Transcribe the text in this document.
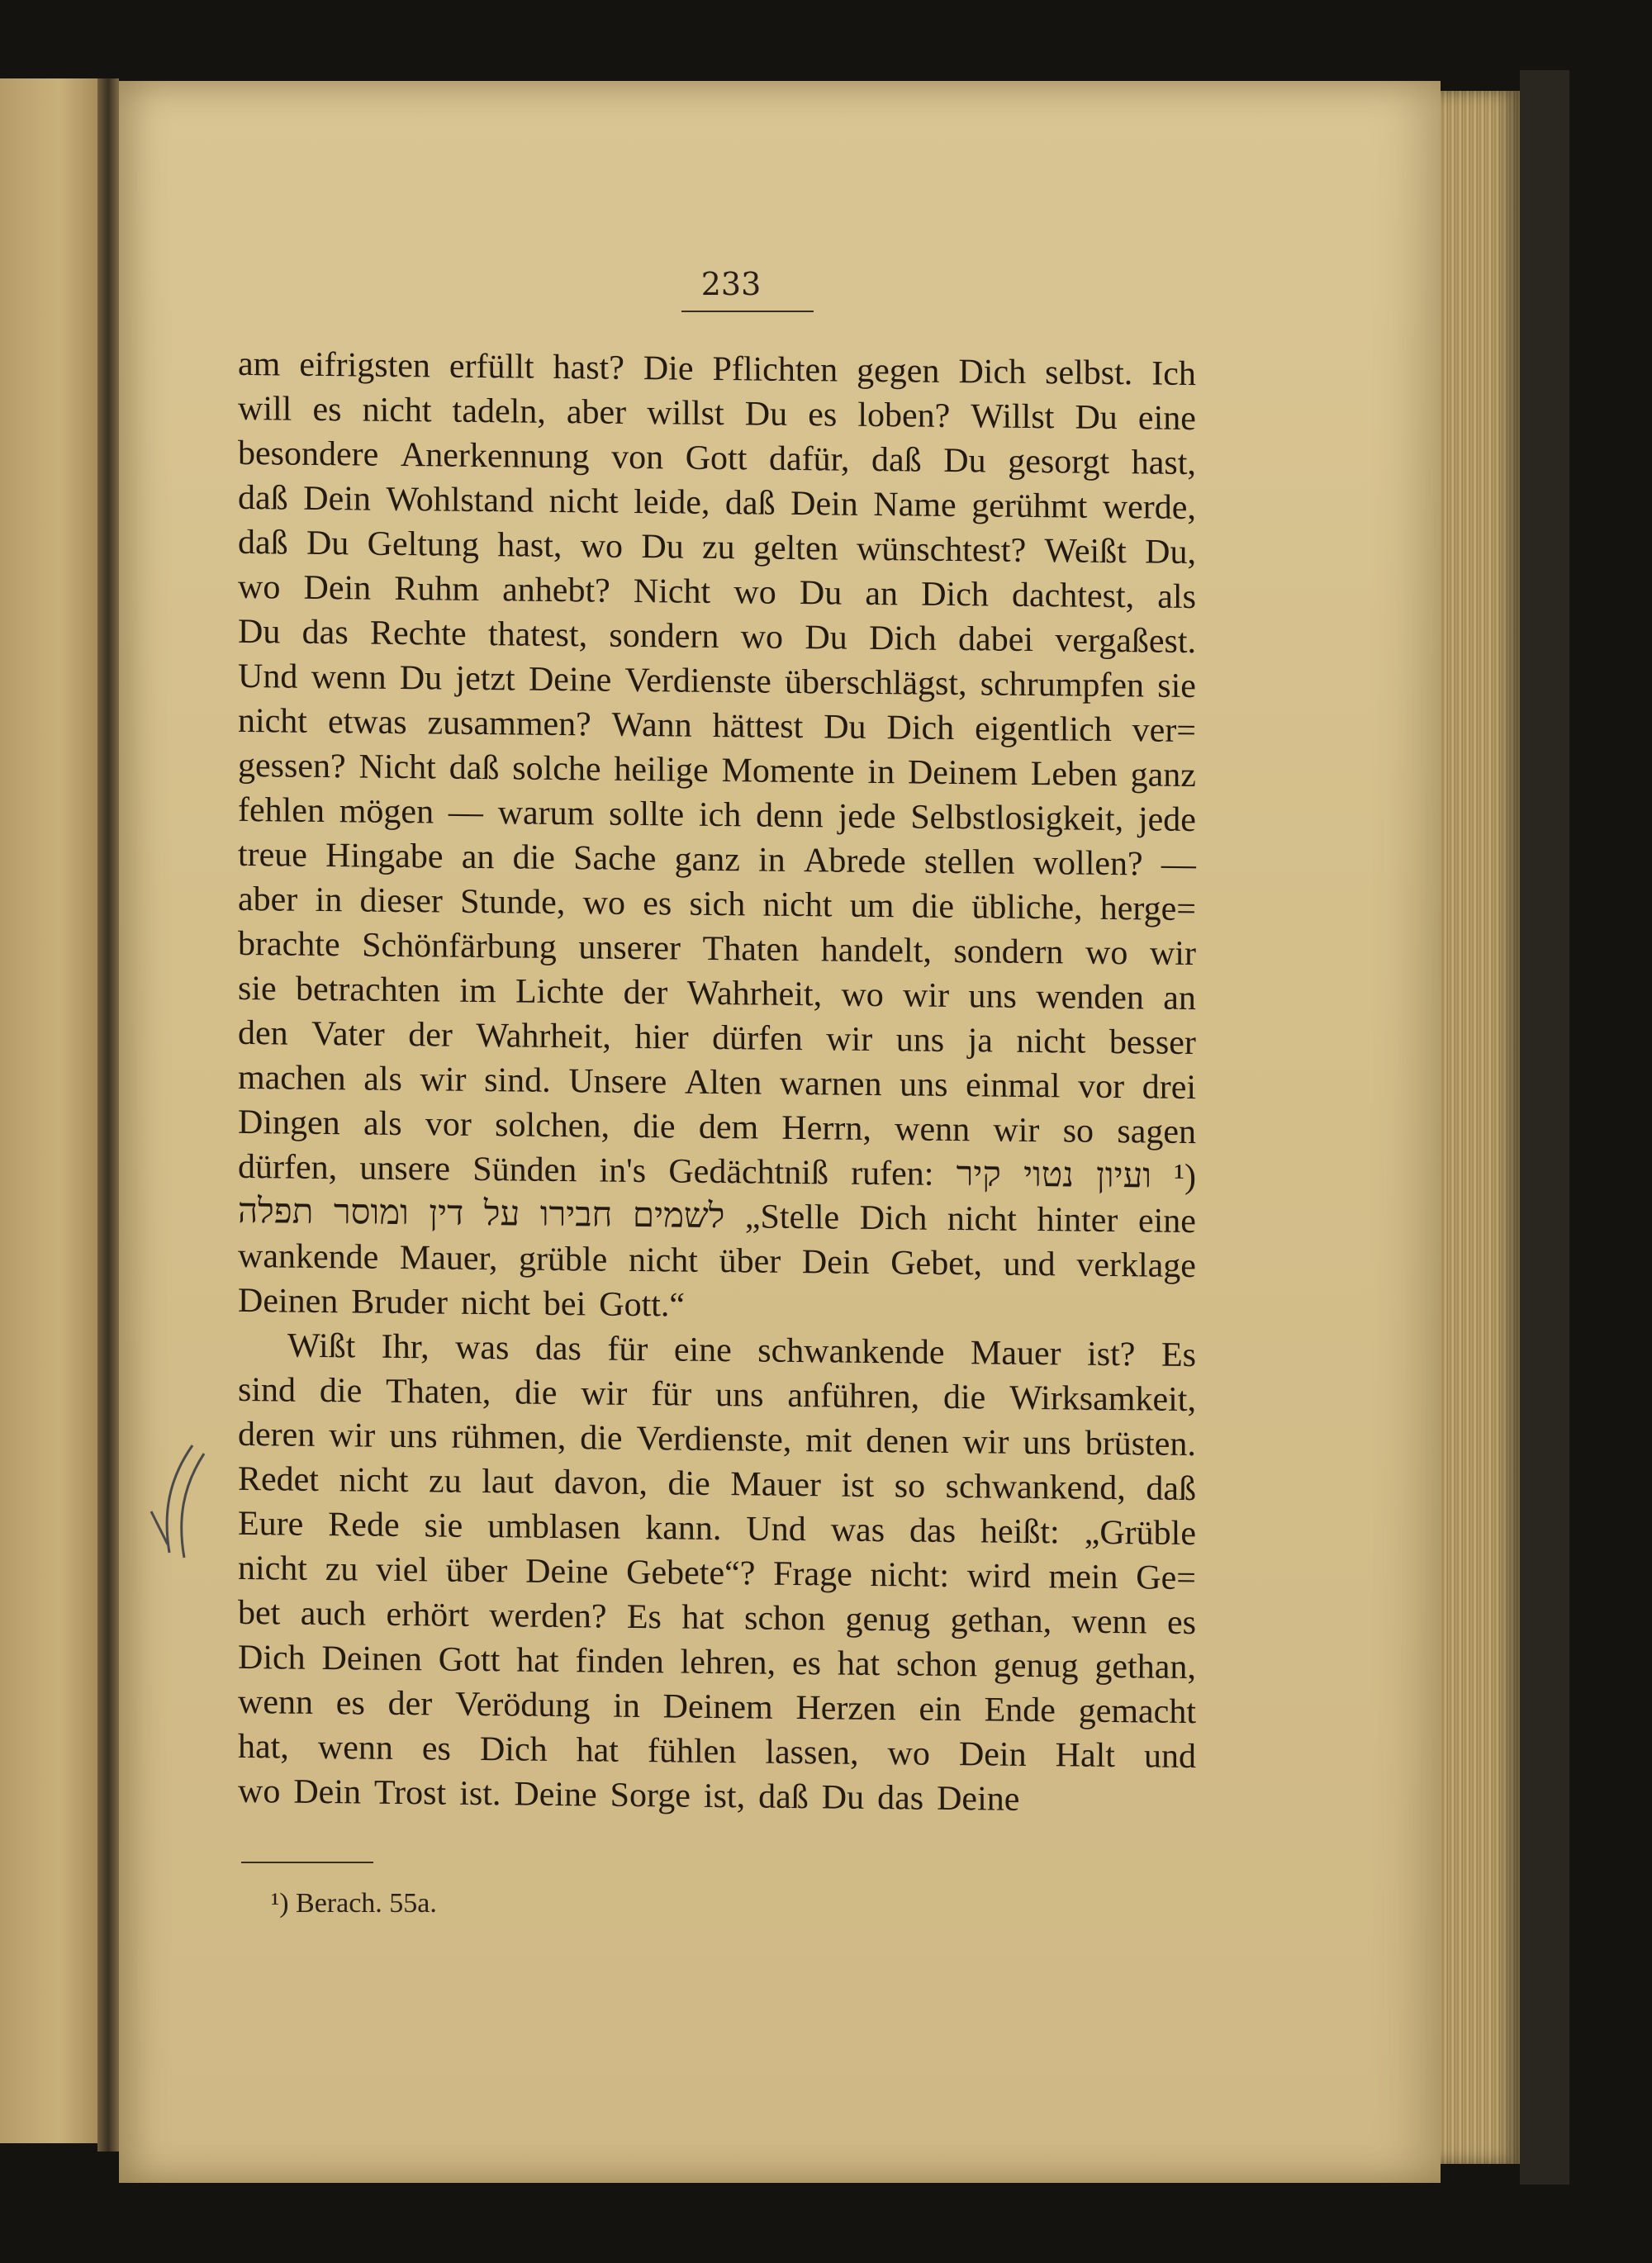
233
am eifrigsten erfüllt hast? Die Pflichten gegen Dich selbst. Ich
will es nicht tadeln, aber willst Du es loben? Willst Du eine
besondere Anerkennung von Gott dafür, daß Du gesorgt hast,
daß Dein Wohlstand nicht leide, daß Dein Name gerühmt werde,
daß Du Geltung hast, wo Du zu gelten wünschtest? Weißt Du,
wo Dein Ruhm anhebt? Nicht wo Du an Dich dachtest, als
Du das Rechte thatest, sondern wo Du Dich dabei vergaßest.
Und wenn Du jetzt Deine Verdienste überschlägst, schrumpfen sie
nicht etwas zusammen? Wann hättest Du Dich eigentlich ver=
gessen? Nicht daß solche heilige Momente in Deinem Leben ganz
fehlen mögen — warum sollte ich denn jede Selbstlosigkeit, jede
treue Hingabe an die Sache ganz in Abrede stellen wollen? —
aber in dieser Stunde, wo es sich nicht um die übliche, herge=
brachte Schönfärbung unserer Thaten handelt, sondern wo wir
sie betrachten im Lichte der Wahrheit, wo wir uns wenden an
den Vater der Wahrheit, hier dürfen wir uns ja nicht besser
machen als wir sind. Unsere Alten warnen uns einmal vor drei
Dingen als vor solchen, die dem Herrn, wenn wir so sagen
dürfen, unsere Sünden in's Gedächtniß rufen: קיר נטוי ועיון ¹)
תפלה ומוסר דין על חבירו לשמים „Stelle Dich nicht hinter eine
wankende Mauer, grüble nicht über Dein Gebet, und verklage
Deinen Bruder nicht bei Gott.“
Wißt Ihr, was das für eine schwankende Mauer ist? Es
sind die Thaten, die wir für uns anführen, die Wirksamkeit,
deren wir uns rühmen, die Verdienste, mit denen wir uns brüsten.
Redet nicht zu laut davon, die Mauer ist so schwankend, daß
Eure Rede sie umblasen kann. Und was das heißt: „Grüble
nicht zu viel über Deine Gebete“? Frage nicht: wird mein Ge=
bet auch erhört werden? Es hat schon genug gethan, wenn es
Dich Deinen Gott hat finden lehren, es hat schon genug gethan,
wenn es der Verödung in Deinem Herzen ein Ende gemacht
hat, wenn es Dich hat fühlen lassen, wo Dein Halt und
wo Dein Trost ist. Deine Sorge ist, daß Du das Deine
¹) Berach. 55a.
